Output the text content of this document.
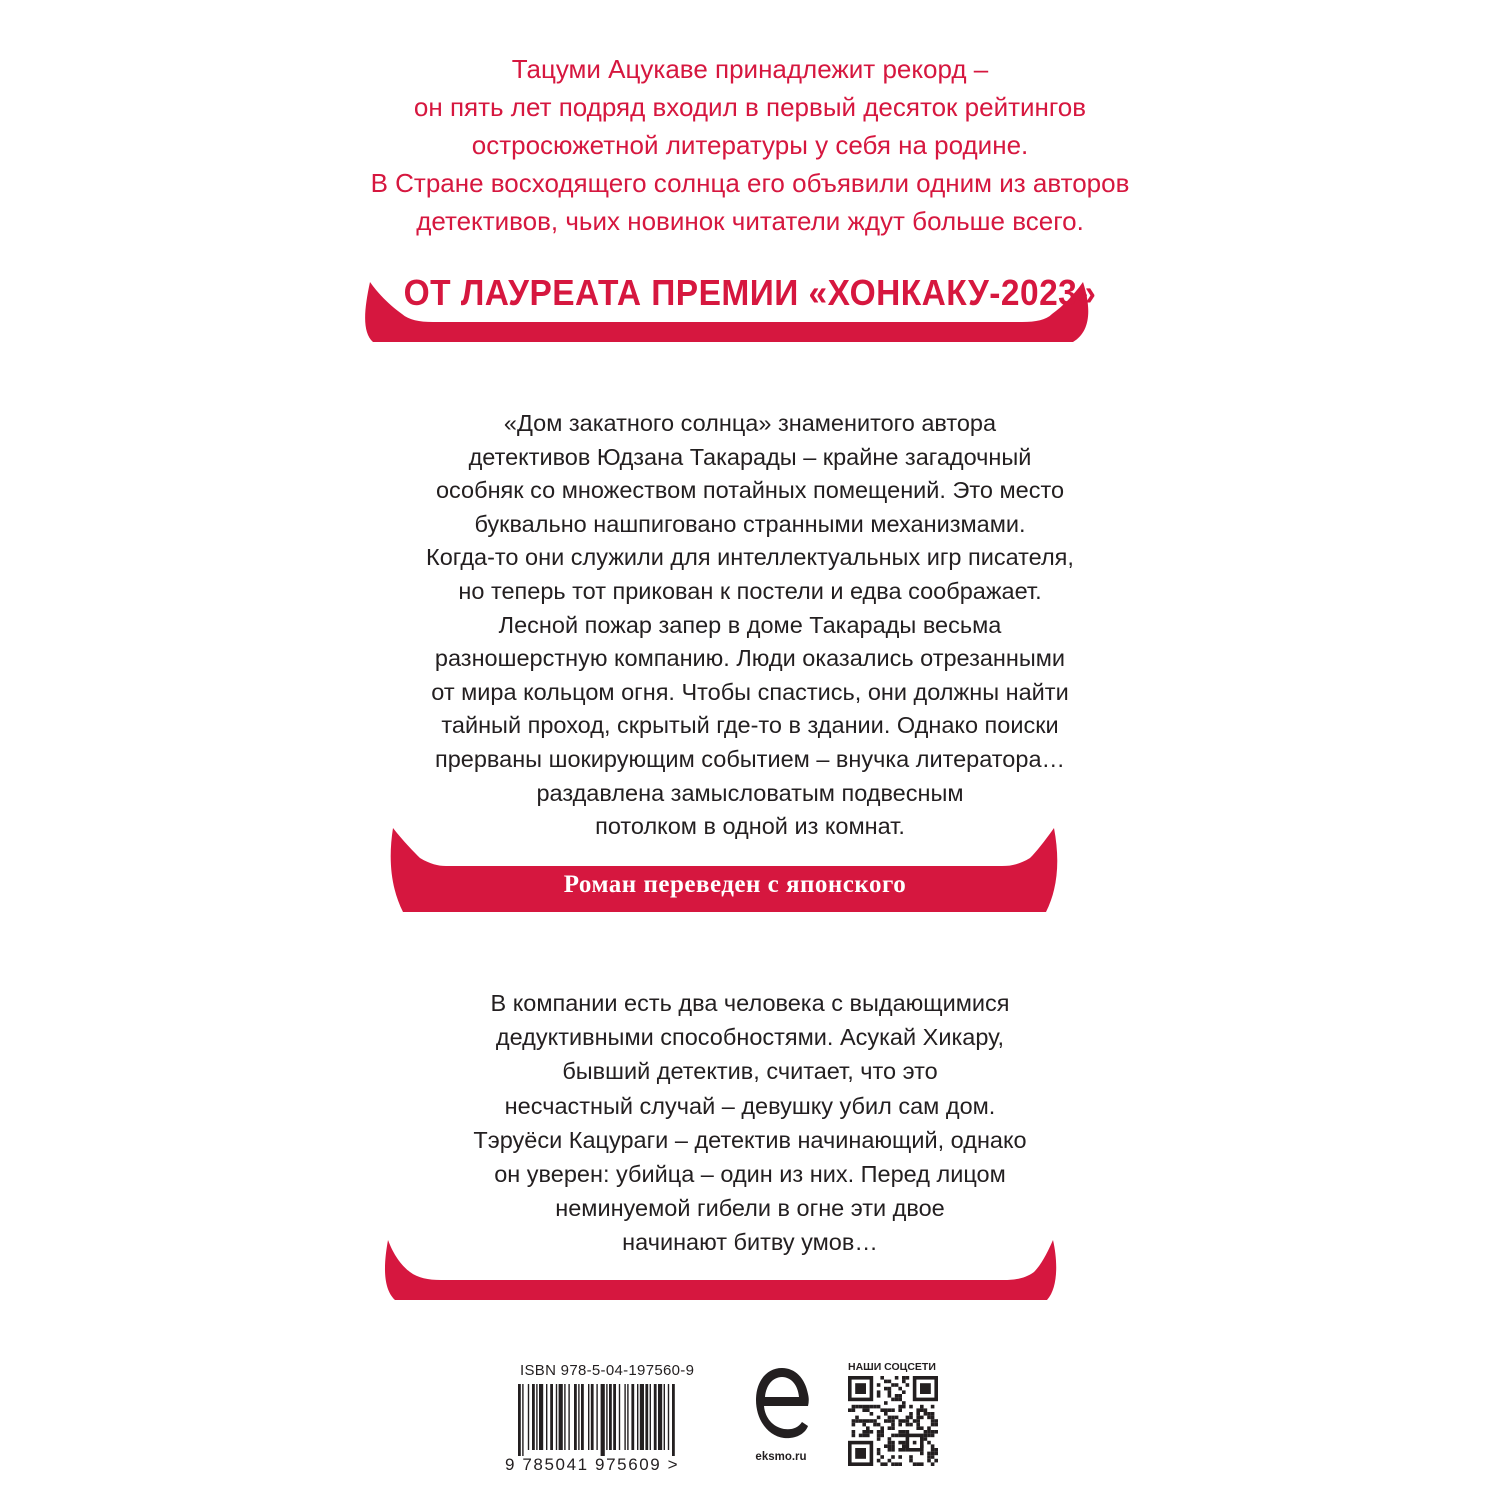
Тацуми Ацукаве принадлежит рекорд –
он пять лет подряд входил в первый десяток рейтингов
остросюжетной литературы у себя на родине.
В Стране восходящего солнца его объявили одним из авторов
детективов, чьих новинок читатели ждут больше всего.
ОТ ЛАУРЕАТА ПРЕМИИ «ХОНКАКУ-2023»
«Дом закатного солнца» знаменитого автора
детективов Юдзана Такарады – крайне загадочный
особняк со множеством потайных помещений. Это место
буквально нашпиговано странными механизмами.
Когда-то они служили для интеллектуальных игр писателя,
но теперь тот прикован к постели и едва соображает.
Лесной пожар запер в доме Такарады весьма
разношерстную компанию. Люди оказались отрезанными
от мира кольцом огня. Чтобы спастись, они должны найти
тайный проход, скрытый где-то в здании. Однако поиски
прерваны шокирующим событием – внучка литератора…
раздавлена замысловатым подвесным
потолком в одной из комнат.
Роман переведен с японского
В компании есть два человека с выдающимися
дедуктивными способностями. Асукай Хикару,
бывший детектив, считает, что это
несчастный случай – девушку убил сам дом.
Тэруёси Кацураги – детектив начинающий, однако
он уверен: убийца – один из них. Перед лицом
неминуемой гибели в огне эти двое
начинают битву умов…
ISBN 978-5-04-197560-9
9 785041 975609 >	eksmo.ru
НАШИ СОЦСЕТИ
